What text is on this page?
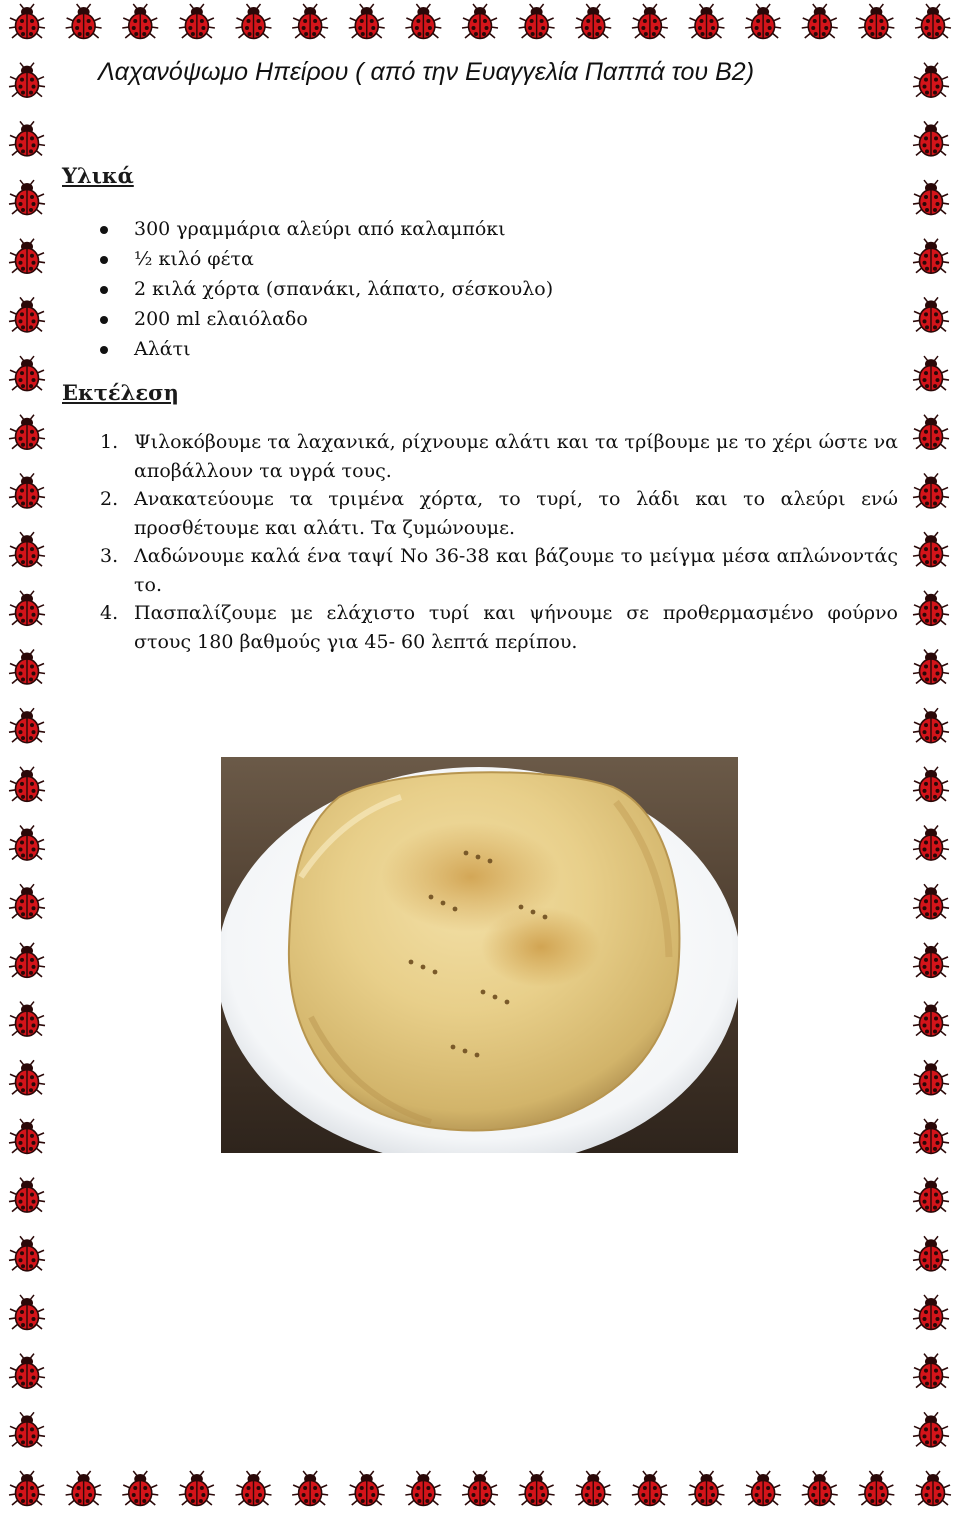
Λαχανόψωμο Ηπείρου ( από την Ευαγγελία Παππά του Β2)
Υλικά
300 γραμμάρια αλεύρι από καλαμπόκι
½ κιλό φέτα
2 κιλά χόρτα (σπανάκι, λάπατο, σέσκουλο)
200 ml ελαιόλαδο
Αλάτι
Εκτέλεση
1. Ψιλοκόβουμε τα λαχανικά, ρίχνουμε αλάτι και τα τρίβουμε με το χέρι ώστε να αποβάλλουν τα υγρά τους.
2. Ανακατεύουμε τα τριμένα χόρτα, το τυρί, το λάδι και το αλεύρι ενώ προσθέτουμε και αλάτι. Τα ζυμώνουμε.
3. Λαδώνουμε καλά ένα ταψί Νο 36-38 και βάζουμε το μείγμα μέσα απλώνοντάς το.
4. Πασπαλίζουμε με ελάχιστο τυρί και ψήνουμε σε προθερμασμένο φούρνο στους 180 βαθμούς για 45- 60 λεπτά περίπου.
